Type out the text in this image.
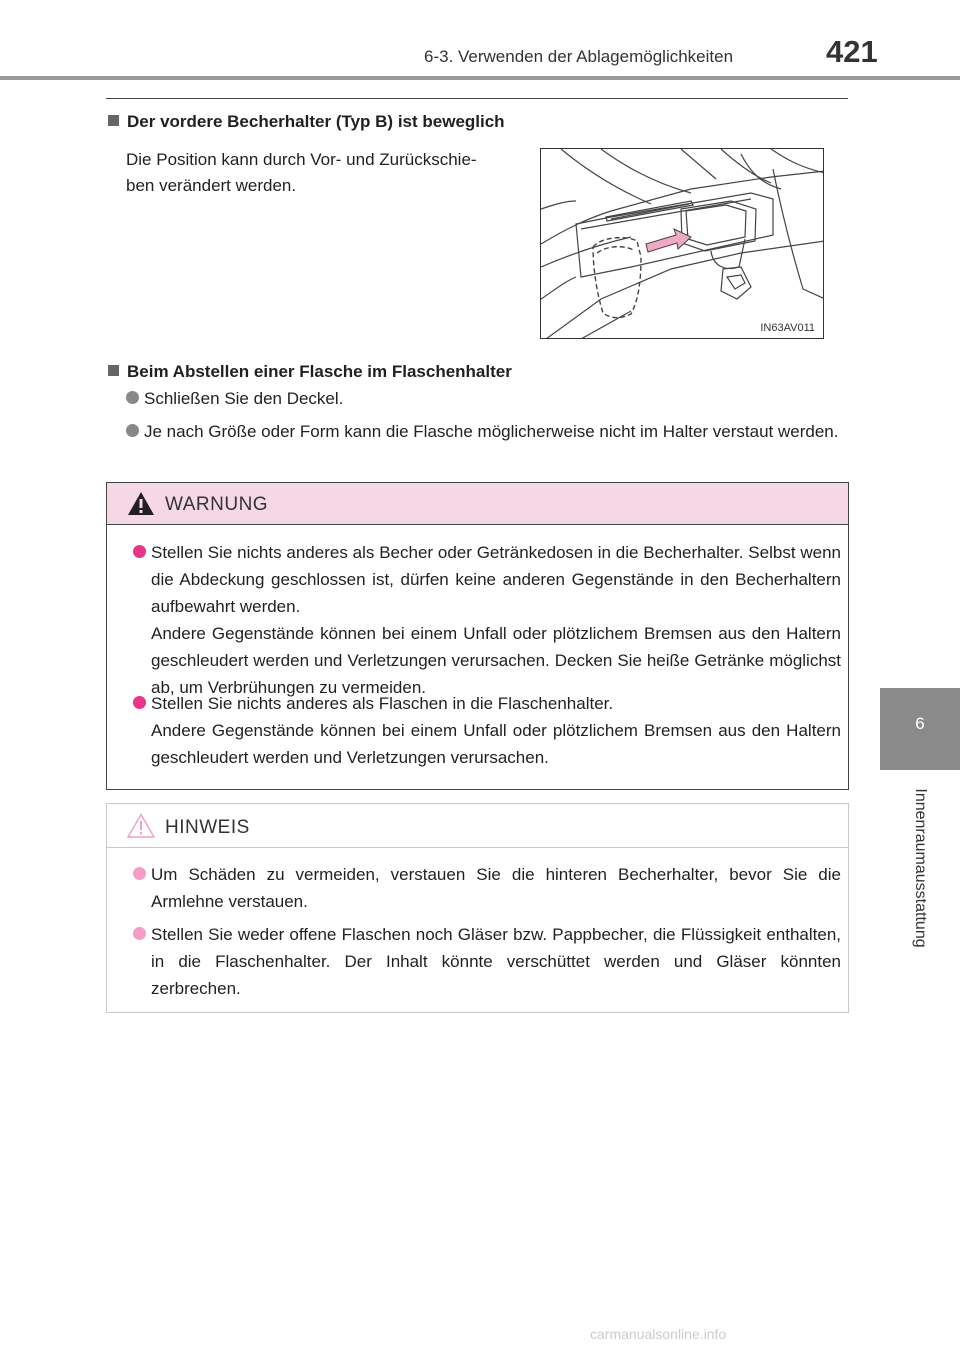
6-3. Verwenden der Ablagemöglichkeiten	421
6
Innenraumausstattung
Der vordere Becherhalter (Typ B) ist beweglich
Die Position kann durch Vor- und Zurückschie-
ben verändert werden.
IN63AV011
Beim Abstellen einer Flasche im Flaschenhalter
Schließen Sie den Deckel.
Je nach Größe oder Form kann die Flasche möglicherweise nicht im Halter verstaut werden.
WARNUNG
Stellen Sie nichts anderes als Becher oder Getränkedosen in die Becherhalter. Selbst wenn die Abdeckung geschlossen ist, dürfen keine anderen Gegenstände in den Becherhaltern aufbewahrt werden.
Andere Gegenstände können bei einem Unfall oder plötzlichem Bremsen aus den Haltern geschleudert werden und Verletzungen verursachen. Decken Sie heiße Getränke möglichst ab, um Verbrühungen zu vermeiden.
Stellen Sie nichts anderes als Flaschen in die Flaschenhalter.
Andere Gegenstände können bei einem Unfall oder plötzlichem Bremsen aus den Haltern geschleudert werden und Verletzungen verursachen.
HINWEIS
Um Schäden zu vermeiden, verstauen Sie die hinteren Becherhalter, bevor Sie die Armlehne verstauen.
Stellen Sie weder offene Flaschen noch Gläser bzw. Pappbecher, die Flüssigkeit enthalten, in die Flaschenhalter. Der Inhalt könnte verschüttet werden und Gläser könnten zerbrechen.
carmanualsonline.info
